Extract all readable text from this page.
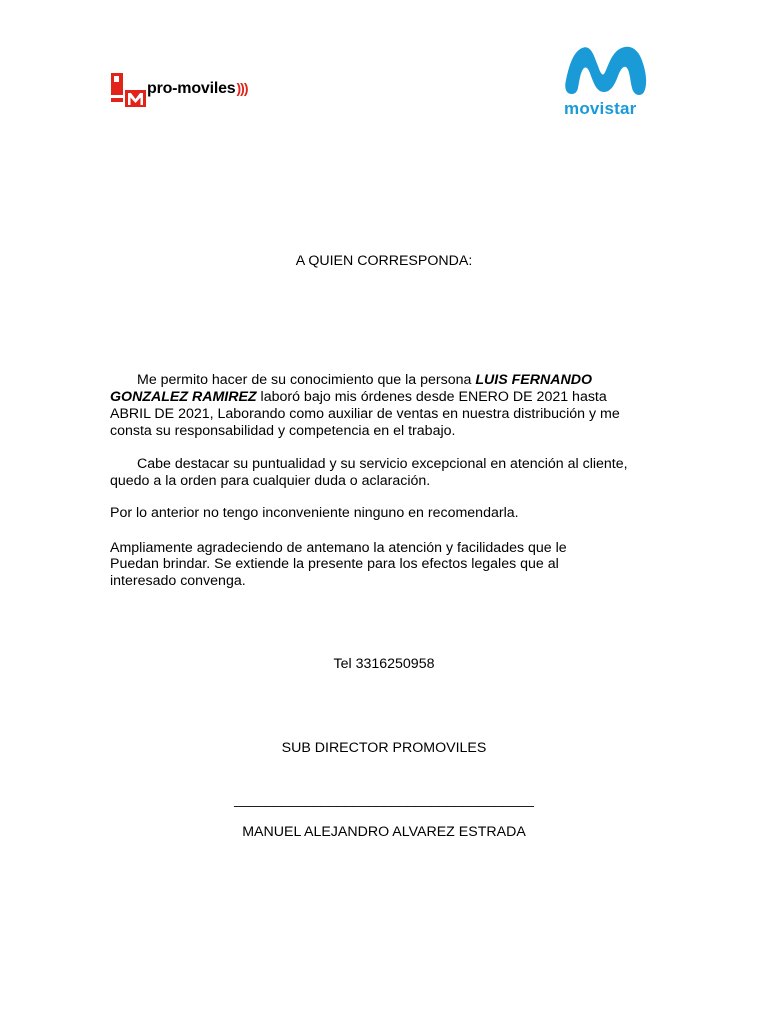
pro-moviles)))
movistar
A QUIEN CORRESPONDA:
Me permito hacer de su conocimiento que la persona LUIS FERNANDO
GONZALEZ RAMIREZ laboró bajo mis órdenes desde ENERO DE 2021 hasta
ABRIL DE 2021, Laborando como auxiliar de ventas en nuestra distribución y me
consta su responsabilidad y competencia en el trabajo.
Cabe destacar su puntualidad y su servicio excepcional en atención al cliente,
quedo a la orden para cualquier duda o aclaración.
Por lo anterior no tengo inconveniente ninguno en recomendarla.
Ampliamente agradeciendo de antemano la atención y facilidades que le
Puedan brindar. Se extiende la presente para los efectos legales que al
interesado convenga.
Tel 3316250958
SUB DIRECTOR PROMOVILES
______________________________________
MANUEL ALEJANDRO ALVAREZ ESTRADA
